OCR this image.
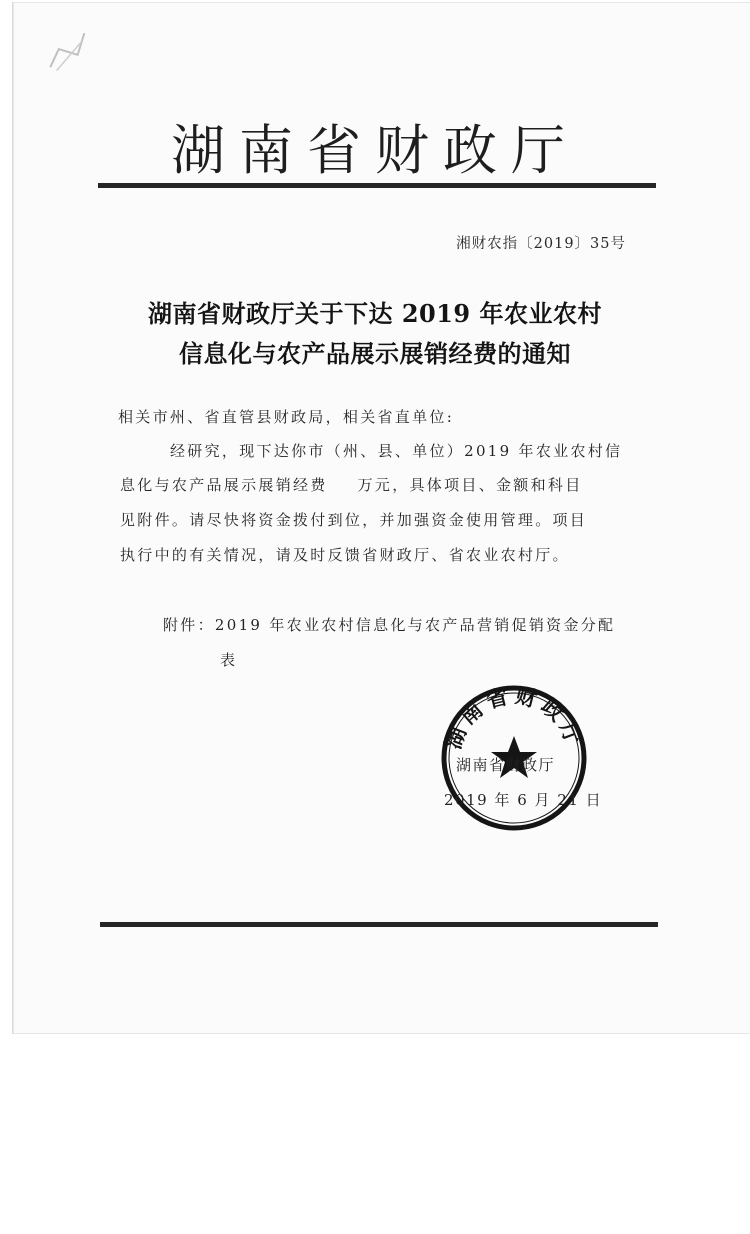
湖南省财政厅
湘财农指〔2019〕35号
湖南省财政厅关于下达 2019 年农业农村
信息化与农产品展示展销经费的通知
相关市州、省直管县财政局，相关省直单位:
经研究，现下达你市（州、县、单位）2019 年农业农村信
息化与农产品展示展销经费 万元，具体项目、金额和科目
见附件。请尽快将资金拨付到位，并加强资金使用管理。项目
执行中的有关情况，请及时反馈省财政厅、省农业农村厅。
附件：2019 年农业农村信息化与农产品营销促销资金分配
表
湖南省财政厅
湖南省财政厅
2019 年 6 月 21 日
